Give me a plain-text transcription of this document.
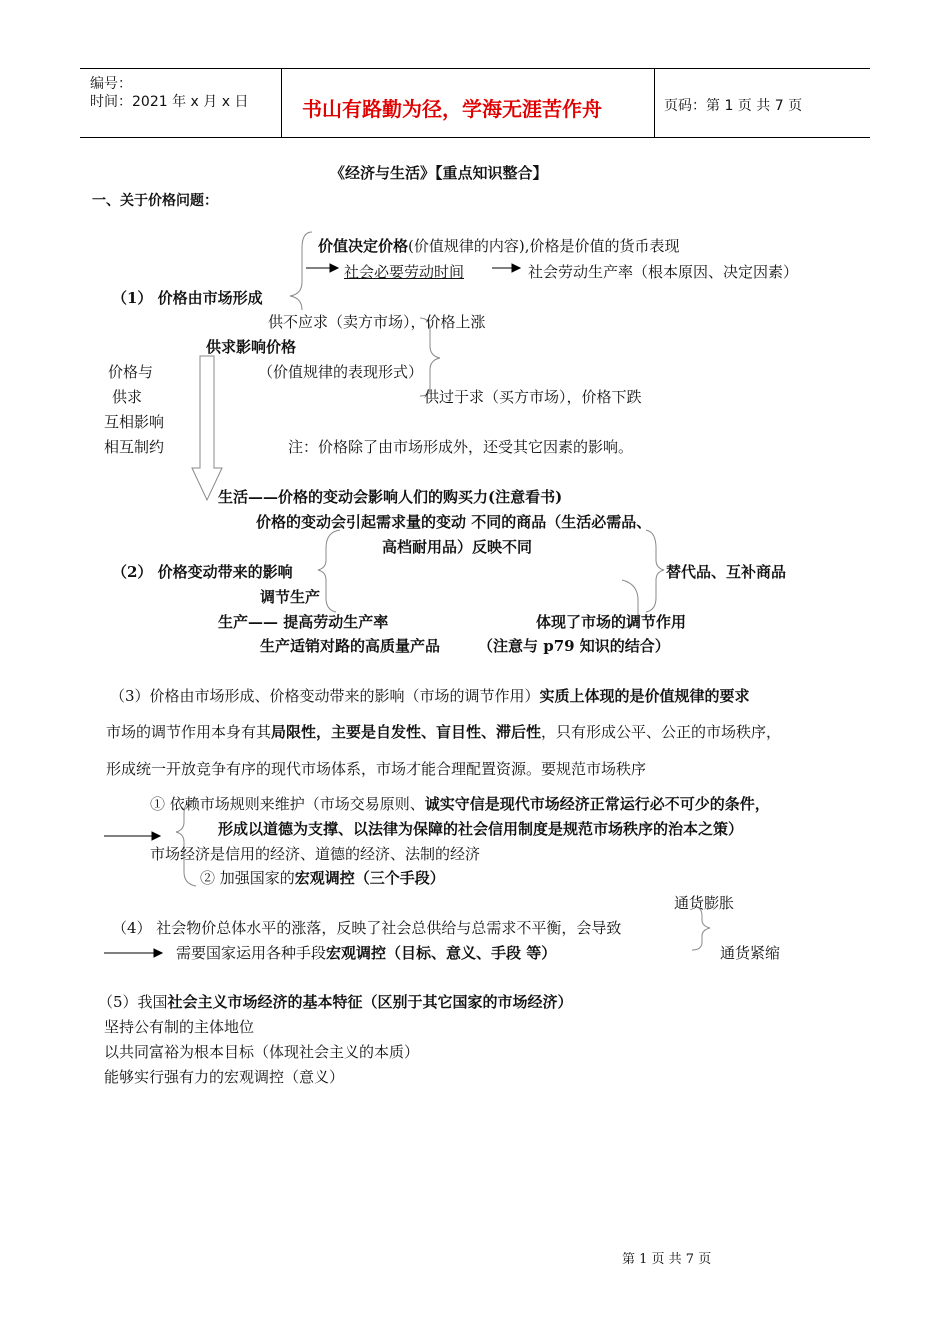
编号：
时间：2021 年 x 月 x 日	书山有路勤为径，学海无涯苦作舟	页码：第 1 页 共 7 页
《经济与生活》【重点知识整合】
一、关于价格问题：
价值决定价格(价值规律的内容),价格是价值的货币表现
社会必要劳动时间	社会劳动生产率（根本原因、决定因素）
（1） 价格由市场形成
供不应求（卖方市场），价格上涨
供求影响价格
价格与	（价值规律的表现形式）
供求	供过于求（买方市场），价格下跌
互相影响
相互制约	注：价格除了由市场形成外，还受其它因素的影响。
生活——价格的变动会影响人们的购买力(注意看书)
价格的变动会引起需求量的变动 不同的商品（生活必需品、
高档耐用品）反映不同
（2） 价格变动带来的影响	替代品、互补商品
调节生产
生产—— 提高劳动生产率	体现了市场的调节作用
生产适销对路的高质量产品	（注意与 p79 知识的结合）
（3）价格由市场形成、价格变动带来的影响（市场的调节作用）实质上体现的是价值规律的要求
市场的调节作用本身有其局限性，主要是自发性、盲目性、滞后性，只有形成公平、公正的市场秩序，
形成统一开放竞争有序的现代市场体系，市场才能合理配置资源。要规范市场秩序
① 依赖市场规则来维护（市场交易原则、诚实守信是现代市场经济正常运行必不可少的条件，
形成以道德为支撑、以法律为保障的社会信用制度是规范市场秩序的治本之策）
市场经济是信用的经济、道德的经济、法制的经济
② 加强国家的宏观调控（三个手段）
通货膨胀
（4） 社会物价总体水平的涨落，反映了社会总供给与总需求不平衡，会导致
需要国家运用各种手段宏观调控（目标、意义、手段 等）	通货紧缩
（5）我国社会主义市场经济的基本特征（区别于其它国家的市场经济）
坚持公有制的主体地位
以共同富裕为根本目标（体现社会主义的本质）
能够实行强有力的宏观调控（意义）
第 1 页 共 7 页
